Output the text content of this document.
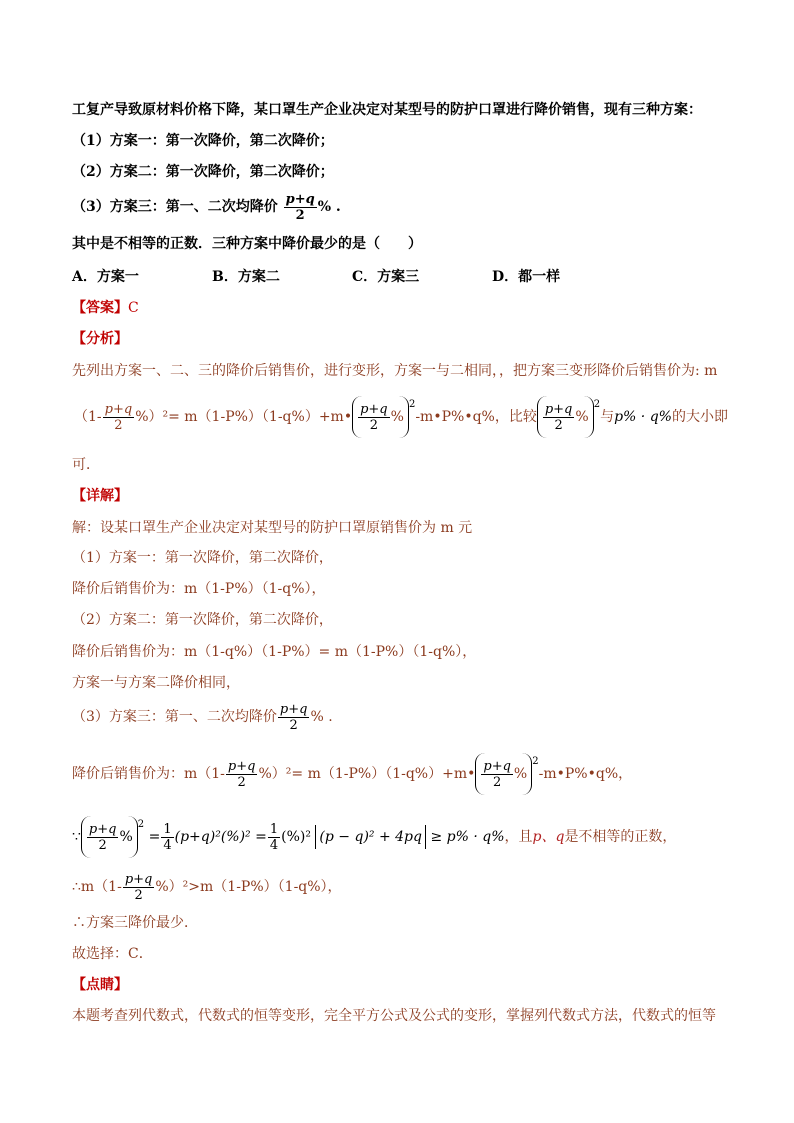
工复产导致原材料价格下降，某口罩生产企业决定对某型号的防护口罩进行降价销售，现有三种方案：
（1）方案一：第一次降价，第二次降价；
（2）方案二：第一次降价，第二次降价；
（3）方案三：第一、二次均降价 $\frac{p+q}{2}$ % .
其中是不相等的正数．三种方案中降价最少的是（　　）
A．方案一	B．方案二	C．方案三	D．都一样
【答案】C
【分析】
先列出方案一、二、三的降价后销售价，进行变形，方案一与二相同，，把方案三变形降价后销售价为: m
$(1- \frac{p+q}{2} \%)^2=$ m（1-P%）（1-q%）+m• $\frac{p+q}{2}$ %$^2$-m•P%•q%，比较 $\frac{p+q}{2} \%^2$与p% · q%的大小即
可．
【详解】
解：设某口罩生产企业决定对某型号的防护口罩原销售价为 m 元
（1）方案一：第一次降价，第二次降价，
降价后销售价为：m（1-P%）（1-q%），
（2）方案二：第一次降价，第二次降价，
降价后销售价为：m（1-q%）（1-P%）= m（1-P%）（1-q%），
方案一与方案二降价相同，
（3）方案三：第一、二次均降价 $\frac{p+q}{2}$ % .
降价后销售价为：$m(1- \frac{p+q}{2} \%)^2=$ m（1-P%）（1-q%）+m• $\frac{p+q}{2}$ %$^2$-m•P%•q%，
∵ $\frac{p+q}{2} \%^2 = \frac{1}{4} (p+q)^2(\%)^2 = \frac{1}{4} (\%)^2$ (p − q)² + 4pq ≥ p% · q%，且p、q是不相等的正数，
∴m（1- $\frac{p+q}{2} \%)^2>m(1-P\%)(1-q\%)$，
∴方案三降价最少．
故选择：C．
【点睛】
本题考查列代数式，代数式的恒等变形，完全平方公式及公式的变形，掌握列代数式方法，代数式的恒等
